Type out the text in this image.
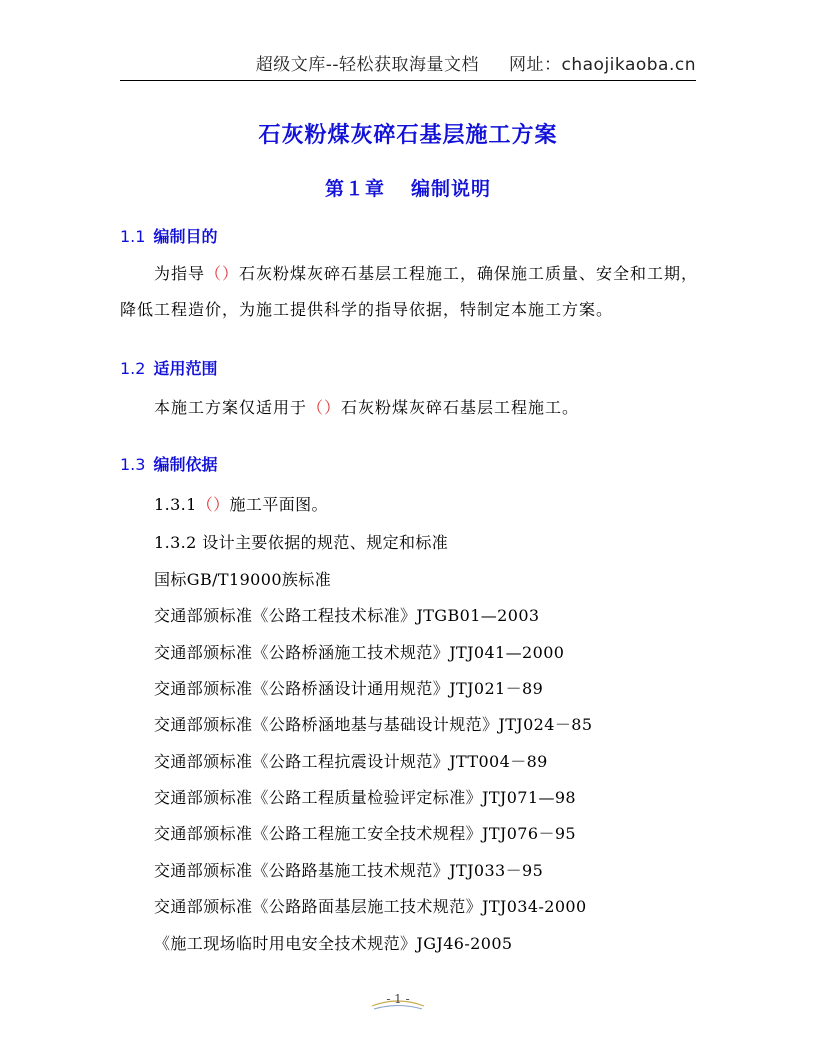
超级文库--轻松获取海量文档 网址：chaojikaoba.cn
石灰粉煤灰碎石基层施工方案
第１章 编制说明
1.1 编制目的
为指导（）石灰粉煤灰碎石基层工程施工，确保施工质量、安全和工期，降低工程造价，为施工提供科学的指导依据，特制定本施工方案。
1.2 适用范围
本施工方案仅适用于（）石灰粉煤灰碎石基层工程施工。
1.3 编制依据
1.3.1（）施工平面图。
1.3.2 设计主要依据的规范、规定和标准
国标GB/T19000族标准
交通部颁标准《公路工程技术标准》JTGB01—2003
交通部颁标准《公路桥涵施工技术规范》JTJ041—2000
交通部颁标准《公路桥涵设计通用规范》JTJ021－89
交通部颁标准《公路桥涵地基与基础设计规范》JTJ024－85
交通部颁标准《公路工程抗震设计规范》JTT004－89
交通部颁标准《公路工程质量检验评定标准》JTJ071—98
交通部颁标准《公路工程施工安全技术规程》JTJ076－95
交通部颁标准《公路路基施工技术规范》JTJ033－95
交通部颁标准《公路路面基层施工技术规范》JTJ034-2000
《施工现场临时用电安全技术规范》JGJ46-2005
- 1 -
